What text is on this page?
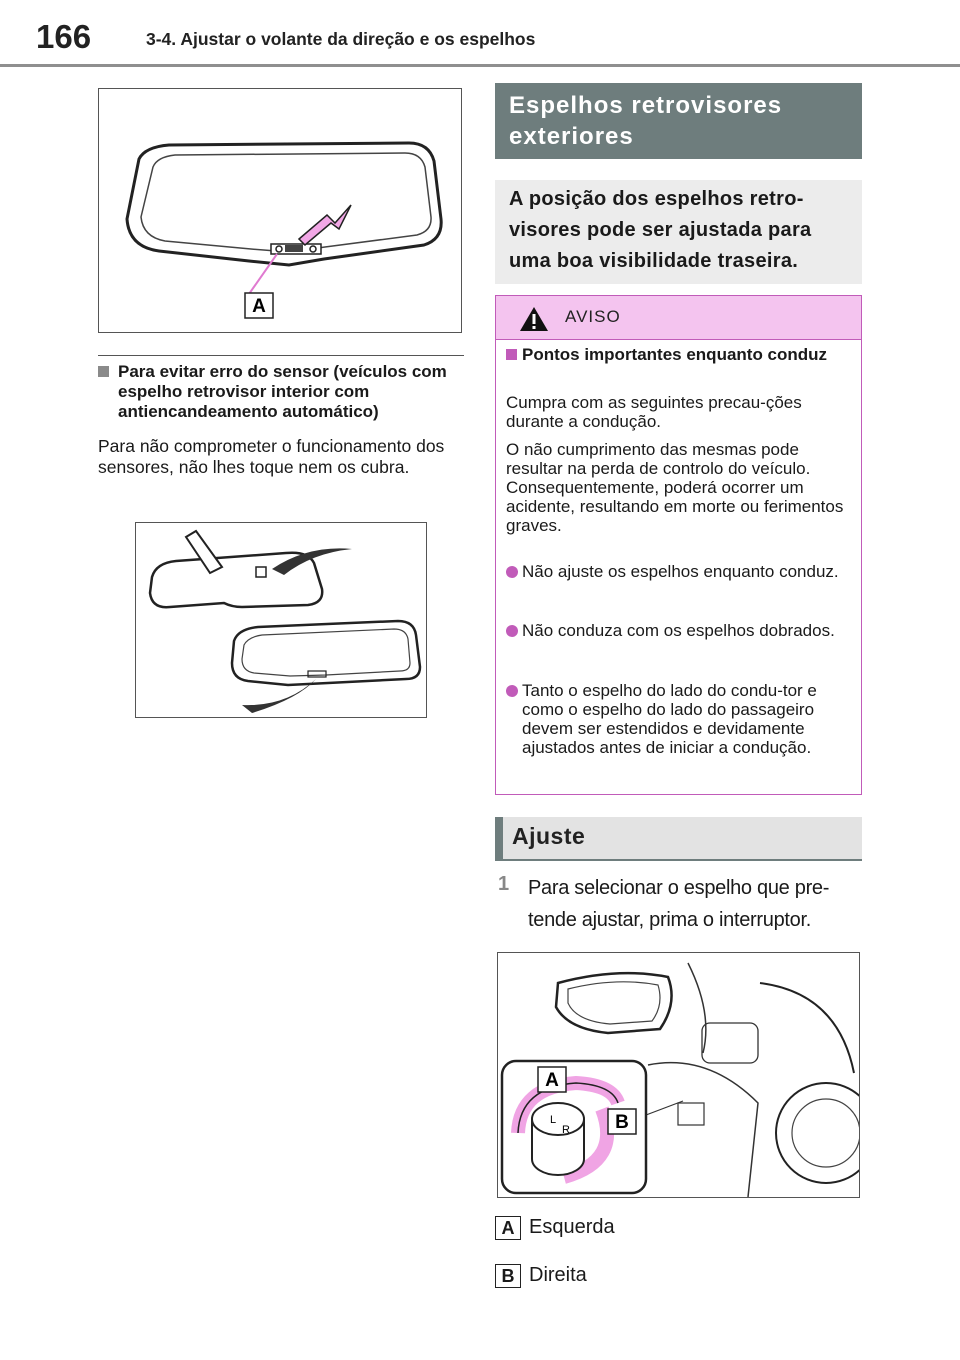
166	3-4. Ajustar o volante da direção e os espelhos
A
Para evitar erro do sensor (veículos com espelho retrovisor interior com antiencandeamento automático)
Para não comprometer o funcionamento dos sensores, não lhes toque nem os cubra.
Espelhos retrovisores
exteriores
A posição dos espelhos retro-
visores pode ser ajustada para
uma boa visibilidade traseira.
AVISO
Pontos importantes enquanto conduz
Cumpra com as seguintes precau-ções durante a condução.
O não cumprimento das mesmas pode resultar na perda de controlo do veículo. Consequentemente, poderá ocorrer um acidente, resultando em morte ou ferimentos graves.
Não ajuste os espelhos enquanto conduz.
Não conduza com os espelhos dobrados.
Tanto o espelho do lado do condu-tor e como o espelho do lado do passageiro devem ser estendidos e devidamente ajustados antes de iniciar a condução.
Ajuste
1 Para selecionar o espelho que pre-tende ajustar, prima o interruptor.
L
R
A
B
A Esquerda
B Direita
